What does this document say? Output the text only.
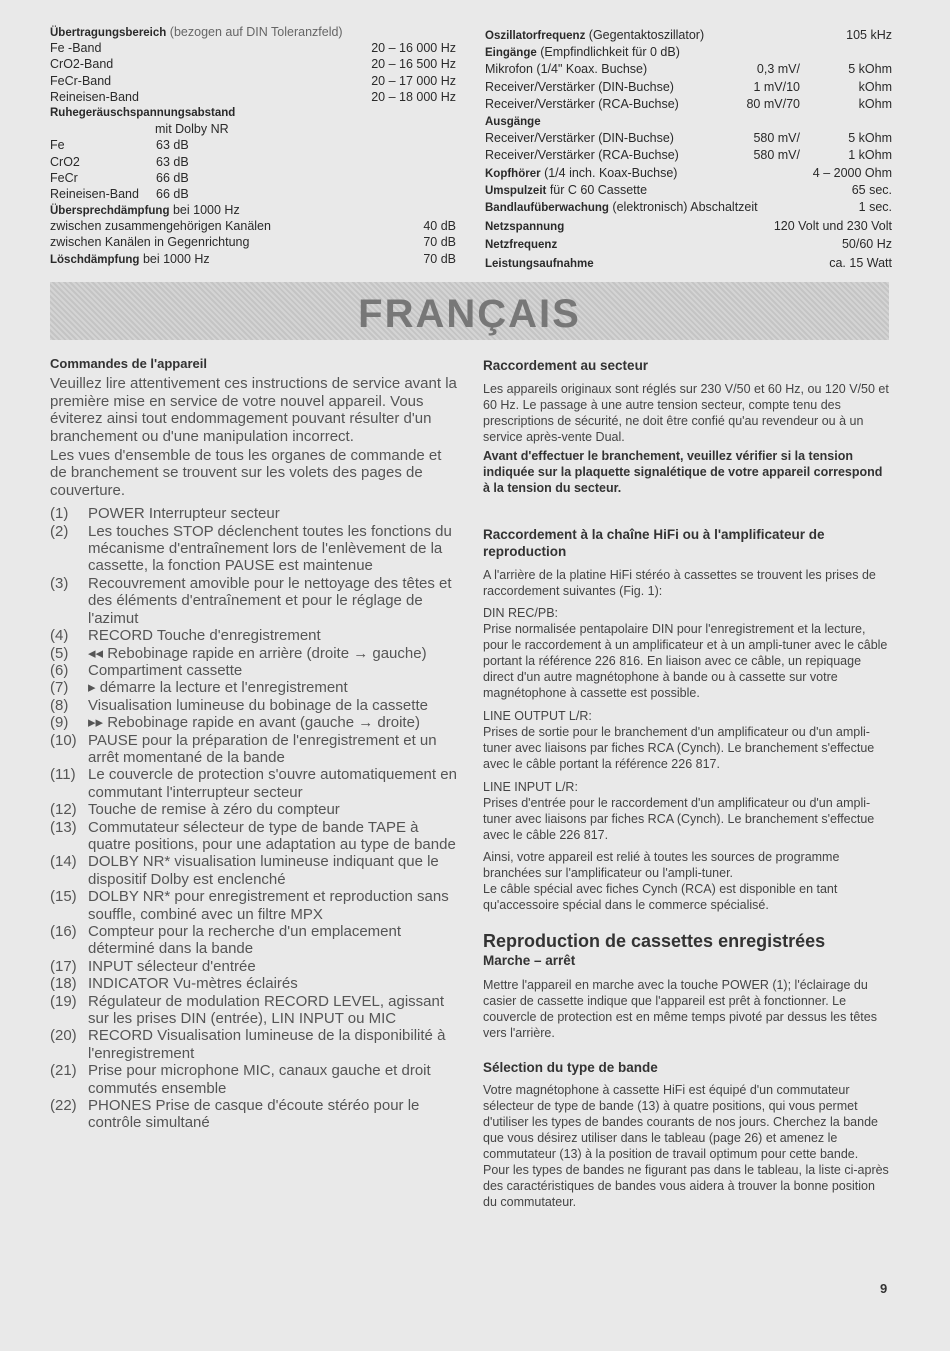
Übertragungsbereich (bezogen auf DIN Toleranzfeld)
Fe -Band	20 – 16 000 Hz
CrO2-Band	20 – 16 500 Hz
FeCr-Band	20 – 17 000 Hz
Reineisen-Band	20 – 18 000 Hz
Ruhegeräuschspannungsabstand
mit Dolby NR
Fe	63 dB
CrO2	63 dB
FeCr	66 dB
Reineisen-Band 66 dB
Übersprechdämpfung bei 1000 Hz
zwischen zusammengehörigen Kanälen	40 dB
zwischen Kanälen in Gegenrichtung	70 dB
Löschdämpfung bei 1000 Hz	70 dB
Oszillatorfrequenz (Gegentaktoszillator)	105 kHz
Eingänge (Empfindlichkeit für 0 dB)
Mikrofon (1/4" Koax. Buchse)	0,3 mV/	5 kOhm
Receiver/Verstärker (DIN-Buchse)	1 mV/10	kOhm
Receiver/Verstärker (RCA-Buchse)	80 mV/70	kOhm
Ausgänge
Receiver/Verstärker (DIN-Buchse)	580 mV/	5 kOhm
Receiver/Verstärker (RCA-Buchse)	580 mV/	1 kOhm
Kopfhörer (1/4 inch. Koax-Buchse)	4 – 2000 Ohm
Umspulzeit für C 60 Cassette	65 sec.
Bandlaufüberwachung (elektronisch) Abschaltzeit	1 sec.
Netzspannung	120 Volt und 230 Volt
Netzfrequenz	50/60 Hz
Leistungsaufnahme	ca. 15 Watt
FRANÇAIS
Commandes de l'appareil

Veuillez lire attentivement ces instructions de service avant la première mise en service de votre nouvel appareil. Vous éviterez ainsi tout endommagement pouvant résulter d'un branchement ou d'une manipulation incorrect.

Les vues d'ensemble de tous les organes de commande et de branchement se trouvent sur les volets des pages de couverture.

(1) POWER Interrupteur secteur
(2) Les touches STOP déclenchent toutes les fonctions du mécanisme d'entraînement lors de l'enlèvement de la cassette, la fonction PAUSE est maintenue
(3) Recouvrement amovible pour le nettoyage des têtes et des éléments d'entraînement et pour le réglage de l'azimut
(4) RECORD Touche d'enregistrement
(5) ◂◂ Rebobinage rapide en arrière (droite → gauche)
(6) Compartiment cassette
(7) ▸ démarre la lecture et l'enregistrement
(8) Visualisation lumineuse du bobinage de la cassette
(9) ▸▸ Rebobinage rapide en avant (gauche → droite)
(10) PAUSE pour la préparation de l'enregistrement et un arrêt momentané de la bande
(11) Le couvercle de protection s'ouvre automatiquement en commutant l'interrupteur secteur
(12) Touche de remise à zéro du compteur
(13) Commutateur sélecteur de type de bande TAPE à quatre positions, pour une adaptation au type de bande
(14) DOLBY NR* visualisation lumineuse indiquant que le dispositif Dolby est enclenché
(15) DOLBY NR* pour enregistrement et reproduction sans souffle, combiné avec un filtre MPX
(16) Compteur pour la recherche d'un emplacement déterminé dans la bande
(17) INPUT sélecteur d'entrée
(18) INDICATOR Vu-mètres éclairés
(19) Régulateur de modulation RECORD LEVEL, agissant sur les prises DIN (entrée), LIN INPUT ou MIC
(20) RECORD Visualisation lumineuse de la disponibilité à l'enregistrement
(21) Prise pour microphone MIC, canaux gauche et droit commutés ensemble
(22) PHONES Prise de casque d'écoute stéréo pour le contrôle simultané
Raccordement au secteur

Les appareils originaux sont réglés sur 230 V/50 et 60 Hz, ou 120 V/50 et 60 Hz. Le passage à une autre tension secteur, compte tenu des prescriptions de sécurité, ne doit être confié qu'au revendeur ou à un service après-vente Dual.

Avant d'effectuer le branchement, veuillez vérifier si la tension indiquée sur la plaquette signalétique de votre appareil correspond à la tension du secteur.

Raccordement à la chaîne HiFi ou à l'amplificateur de reproduction

A l'arrière de la platine HiFi stéréo à cassettes se trouvent les prises de raccordement suivantes (Fig. 1):

DIN REC/PB:

Prise normalisée pentapolaire DIN pour l'enregistrement et la lecture, pour le raccordement à un amplificateur et à un ampli-tuner avec le câble portant la référence 226 816. En liaison avec ce câble, un repiquage direct d'un autre magnétophone à bande ou à cassette sur votre magnétophone à cassette est possible.

LINE OUTPUT L/R:

Prises de sortie pour le branchement d'un amplificateur ou d'un ampli-tuner avec liaisons par fiches RCA (Cynch). Le branchement s'effectue avec le câble portant la référence 226 817.

LINE INPUT L/R:

Prises d'entrée pour le raccordement d'un amplificateur ou d'un ampli-tuner avec liaisons par fiches RCA (Cynch). Le branchement s'effectue avec le câble 226 817.

Ainsi, votre appareil est relié à toutes les sources de programme branchées sur l'amplificateur ou l'ampli-tuner.

Le câble spécial avec fiches Cynch (RCA) est disponible en tant qu'accessoire spécial dans le commerce spécialisé.

Reproduction de cassettes enregistrées
Marche – arrêt

Mettre l'appareil en marche avec la touche POWER (1); l'éclairage du casier de cassette indique que l'appareil est prêt à fonctionner. Le couvercle de protection est en même temps pivoté par dessus les têtes vers l'arrière.

Sélection du type de bande

Votre magnétophone à cassette HiFi est équipé d'un commutateur sélecteur de type de bande (13) à quatre positions, qui vous permet d'utiliser les types de bandes courants de nos jours. Cherchez la bande que vous désirez utiliser dans le tableau (page 26) et amenez le commutateur (13) à la position de travail optimum pour cette bande.

Pour les types de bandes ne figurant pas dans le tableau, la liste ci-après des caractéristiques de bandes vous aidera à trouver la bonne position du commutateur.

9
